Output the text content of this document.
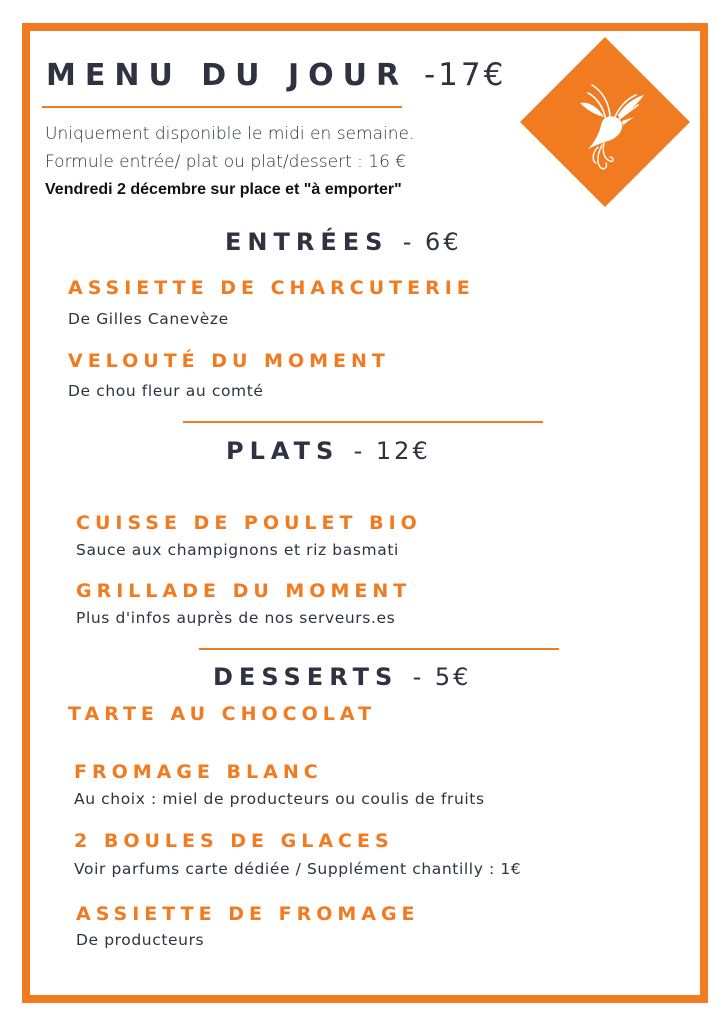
MENU DU JOUR -17€
Uniquement disponible le midi en semaine.
Formule entrée/ plat ou plat/dessert : 16 €
Vendredi 2 décembre sur place et "à emporter"
ENTRÉES - 6€
ASSIETTE DE CHARCUTERIE
De Gilles Canevèze
VELOUTÉ DU MOMENT
De chou fleur au comté
PLATS - 12€
CUISSE DE POULET BIO
Sauce aux champignons et riz basmati
GRILLADE DU MOMENT
Plus d'infos auprès de nos serveurs.es
DESSERTS - 5€
TARTE AU CHOCOLAT
FROMAGE BLANC
Au choix : miel de producteurs ou coulis de fruits
2 BOULES DE GLACES
Voir parfums carte dédiée / Supplément chantilly : 1€
ASSIETTE DE FROMAGE
De producteurs
